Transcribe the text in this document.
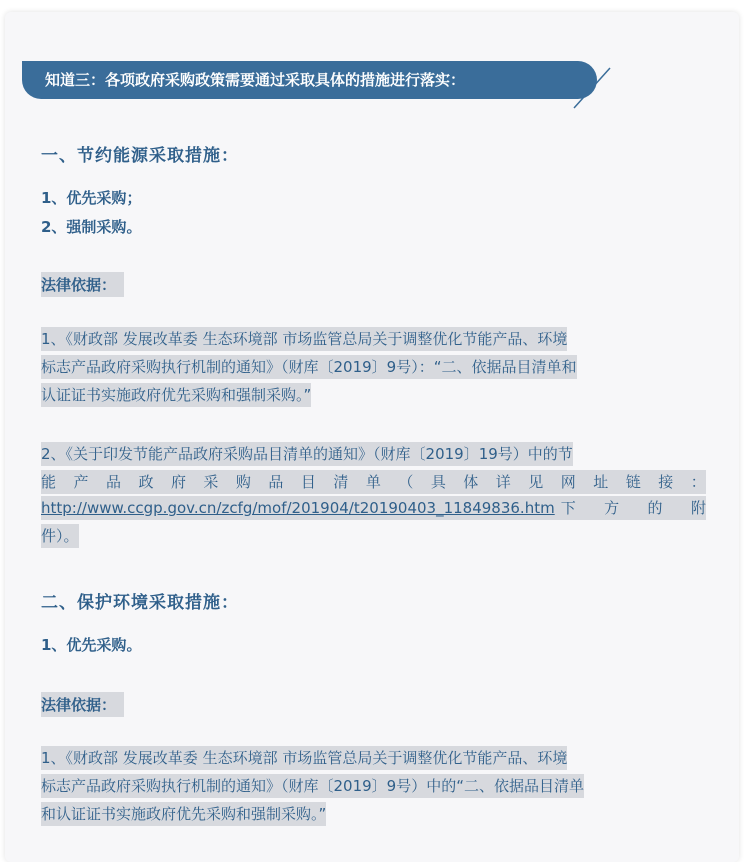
知道三：各项政府采购政策需要通过采取具体的措施进行落实：
一、节约能源采取措施：
1、优先采购；
2、强制采购。
法律依据：
1、《财政部 发展改革委 生态环境部 市场监管总局关于调整优化节能产品、环境
标志产品政府采购执行机制的通知》（财库〔2019〕9号）：“二、依据品目清单和
认证证书实施政府优先采购和强制采购。”
2、《关于印发节能产品政府采购品目清单的通知》（财库〔2019〕19号）中的节
能 产 品 政 府 采 购 品 目 清 单 （ 具 体 详 见 网 址 链 接 ：
http://www.ccgp.gov.cn/zcfg/mof/201904/t20190403_11849836.htm 下 方 的 附
件）。
二、保护环境采取措施：
1、优先采购。
法律依据：
1、《财政部 发展改革委 生态环境部 市场监管总局关于调整优化节能产品、环境
标志产品政府采购执行机制的通知》（财库〔2019〕9号）中的“二、依据品目清单
和认证证书实施政府优先采购和强制采购。”
